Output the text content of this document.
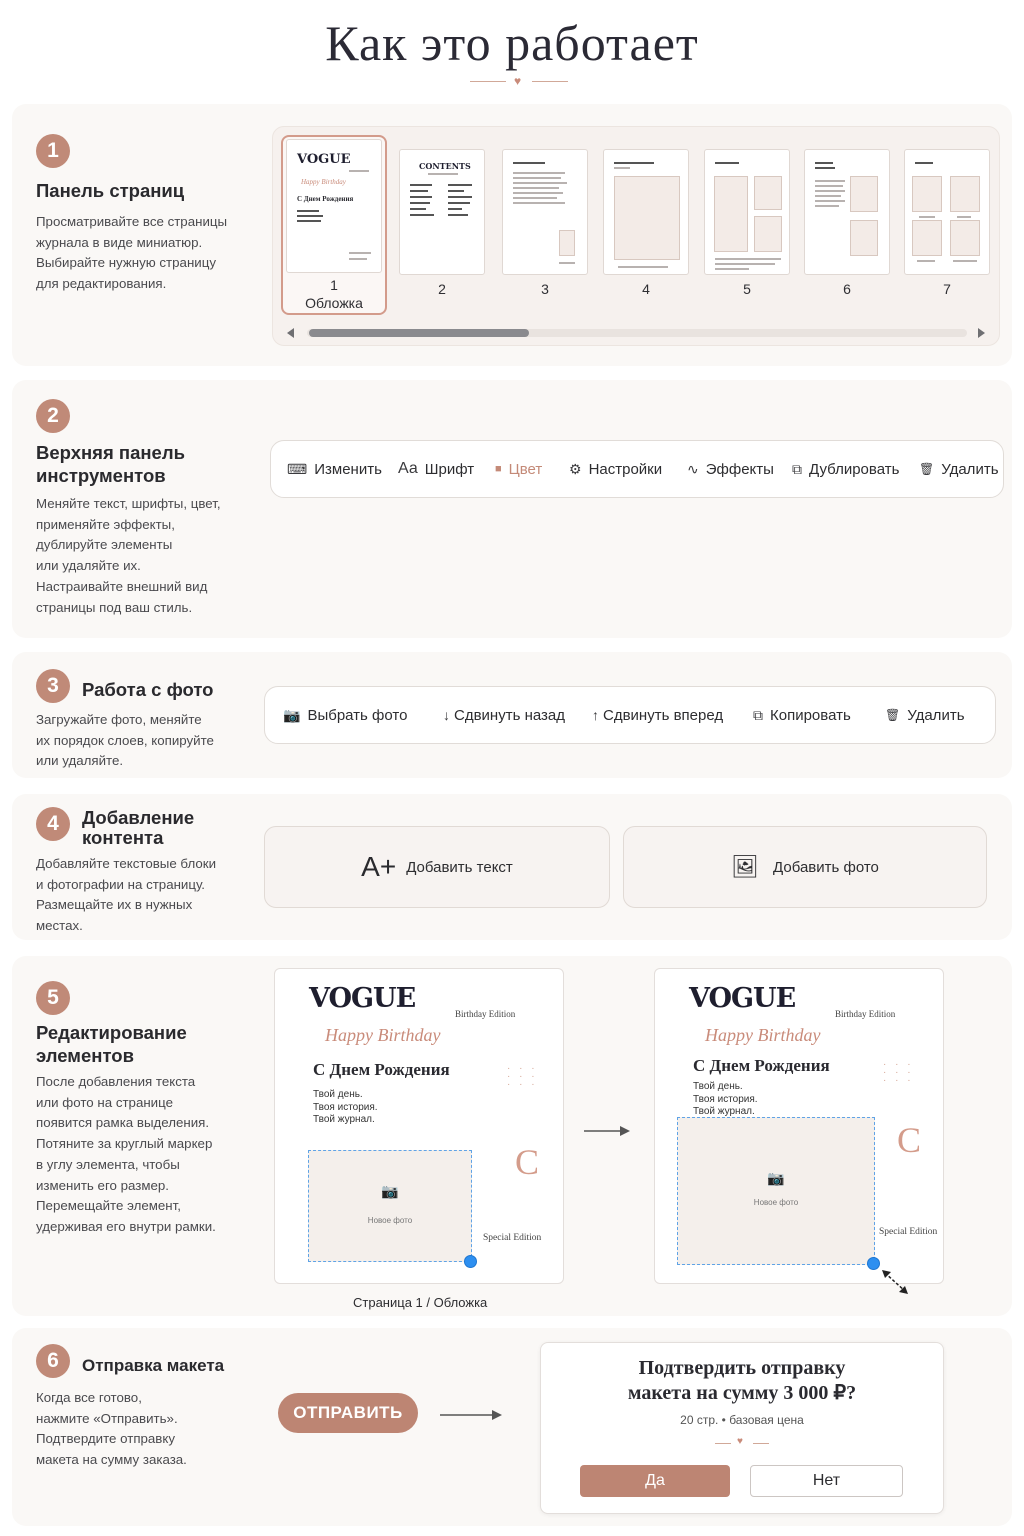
Как это работает
♥
1
Панель страниц
Просматривайте все страницы
журнала в виде миниатюр.
Выбирайте нужную страницу
для редактирования.
VOGUE
Happy Birthday
С Днем Рождения
1
Обложка
CONTENTS
2	3	4	5	6	7
2
Верхняя панель
инструментов
Меняйте текст, шрифты, цвет,
применяйте эффекты,
дублируйте элементы
или удаляйте их.
Настраивайте внешний вид
страницы под ваш стиль.
⌨ Изменить Аа Шрифт ■ Цвет ⚙ Настройки ∿ Эффекты ⧉ Дублировать 🗑 Удалить
3	Работа с фото
Загружайте фото, меняйте
их порядок слоев, копируйте
или удаляйте.
📷 Выбрать фото	↓ Сдвинуть назад ↑ Сдвинуть вперед ⧉ Копировать	🗑 Удалить
4	Добавление
контента
Добавляйте текстовые блоки
и фотографии на страницу.
Размещайте их в нужных
местах.
A+ Добавить текст	🖼 Добавить фото
5
Редактирование
элементов
После добавления текста
или фото на странице
появится рамка выделения.
Потяните за круглый маркер
в углу элемента, чтобы
изменить его размер.
Перемещайте элемент,
удерживая его внутри рамки.
VOGUE	Birthday Edition
Happy Birthday
С Днем Рождения
Твой день.
Твоя история.
Твой журнал.
· · ·
· · ·
· · ·
C
Special Edition
📷
Новое фото
VOGUE	Birthday Edition
Happy Birthday
С Днем Рождения
Твой день.
Твоя история.
Твой журнал.
· · ·
· · ·
· · ·
C
Special Edition
📷
Новое фото
Страница 1 / Обложка
6	Отправка макета
Когда все готово,
нажмите «Отправить».
Подтвердите отправку
макета на сумму заказа.
ОТПРАВИТЬ
Подтвердить отправку
макета на сумму 3 000 ₽?
20 стр. • базовая цена
♥
Да	Нет
